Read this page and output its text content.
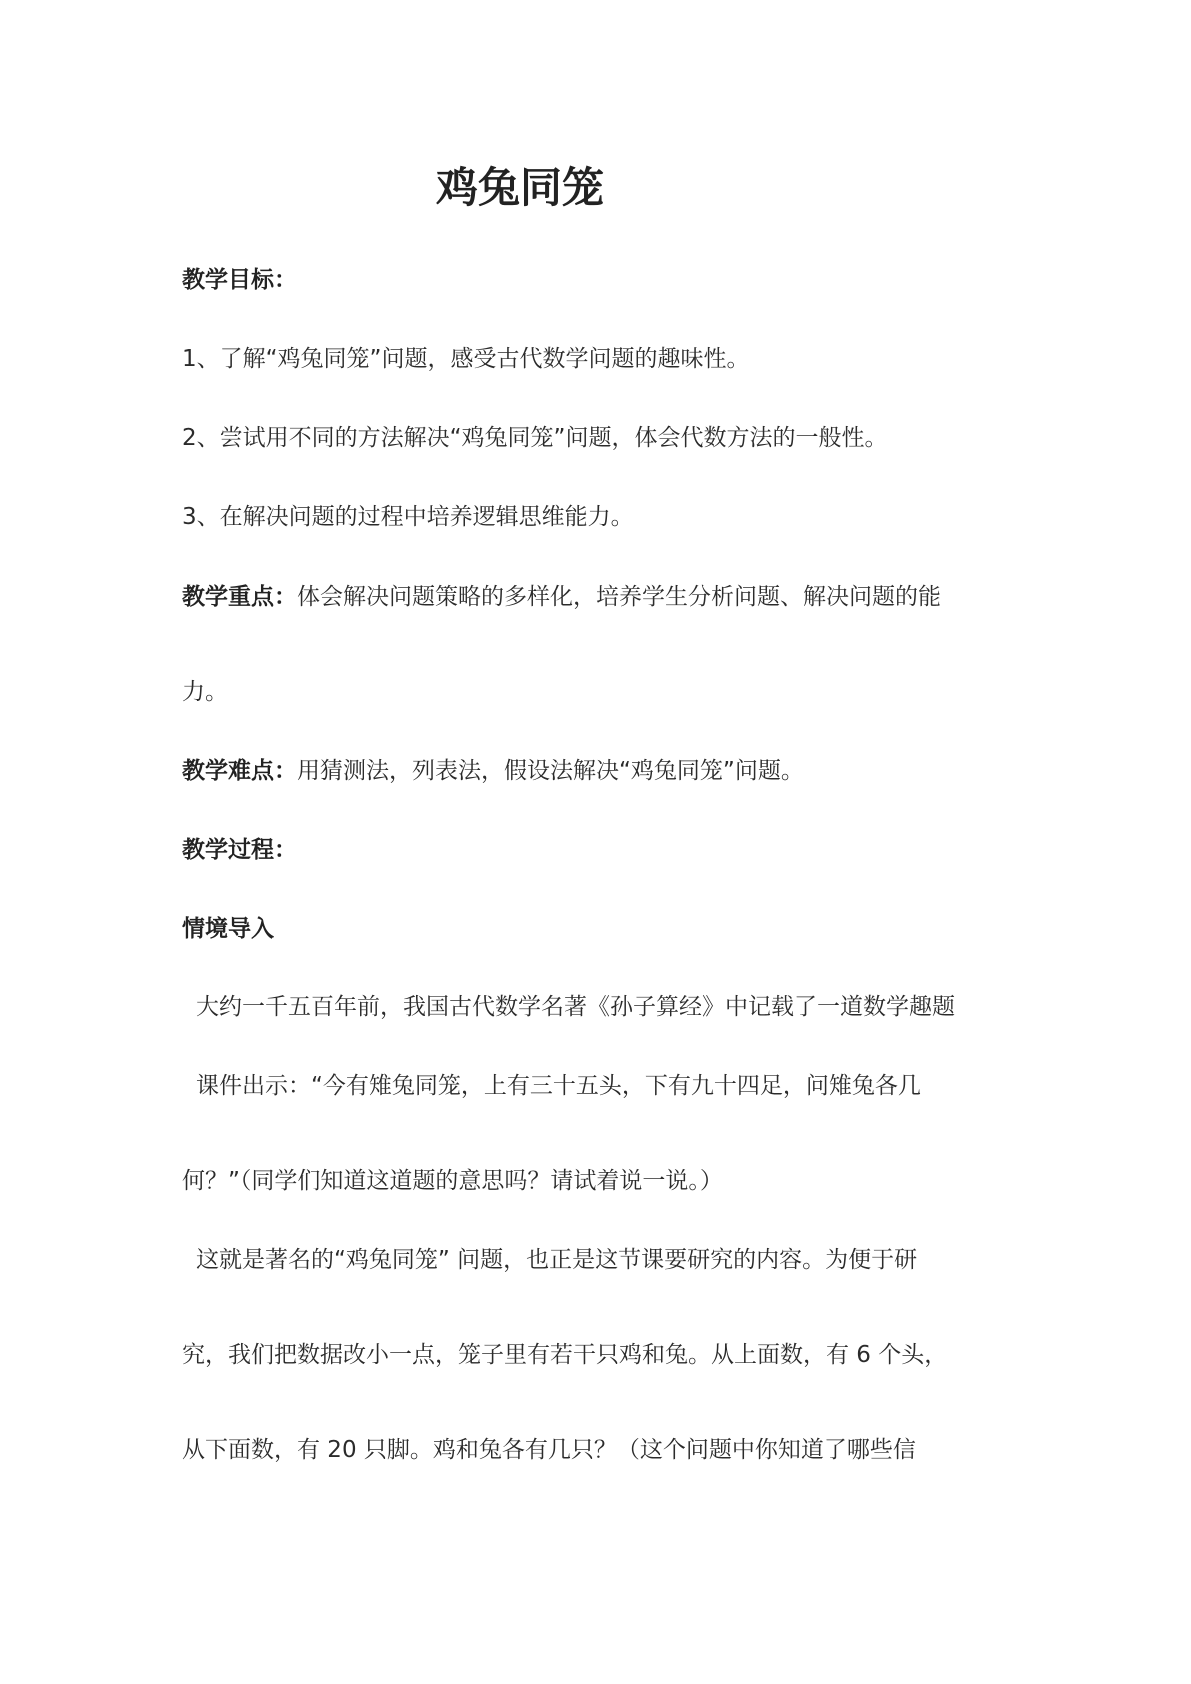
鸡兔同笼
教学目标：
1、了解“鸡兔同笼”问题，感受古代数学问题的趣味性。
2、尝试用不同的方法解决“鸡兔同笼”问题，体会代数方法的一般性。
3、在解决问题的过程中培养逻辑思维能力。
教学重点：体会解决问题策略的多样化，培养学生分析问题、解决问题的能
力。
教学难点：用猜测法，列表法，假设法解决“鸡兔同笼”问题。
教学过程：
情境导入
大约一千五百年前，我国古代数学名著《孙子算经》中记载了一道数学趣题
课件出示：“今有雉兔同笼，上有三十五头，下有九十四足，问雉兔各几
何？”（同学们知道这道题的意思吗？请试着说一说。）
这就是著名的“鸡兔同笼” 问题，也正是这节课要研究的内容。为便于研
究，我们把数据改小一点，笼子里有若干只鸡和兔。从上面数，有 6 个头，
从下面数，有 20 只脚。鸡和兔各有几只？（这个问题中你知道了哪些信
